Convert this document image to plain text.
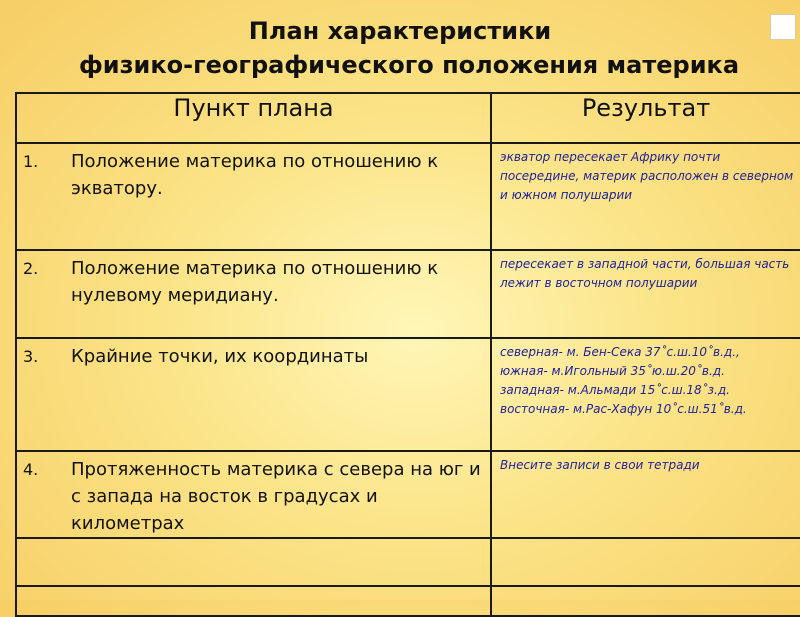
План характеристики
физико-географического положения материка
Пункт плана	Результат

1. Положение материка по отношению к экватору.	экватор пересекает Африку почти посередине, материк расположен в северном и южном полушарии

2. Положение материка по отношению к нулевому меридиану.	пересекает в западной части, большая часть лежит в восточном полушарии

3. Крайние точки, их координаты	северная- м. Бен-Сека 37˚с.ш.10˚в.д.,
южная- м.Игольный 35˚ю.ш.20˚в.д.
западная- м.Альмади 15˚с.ш.18˚з.д.
восточная- м.Рас-Хафун 10˚с.ш.51˚в.д.

4. Протяженность материка с севера на юг и с запада на восток в градусах и километрах	Внесите записи в свои тетради
